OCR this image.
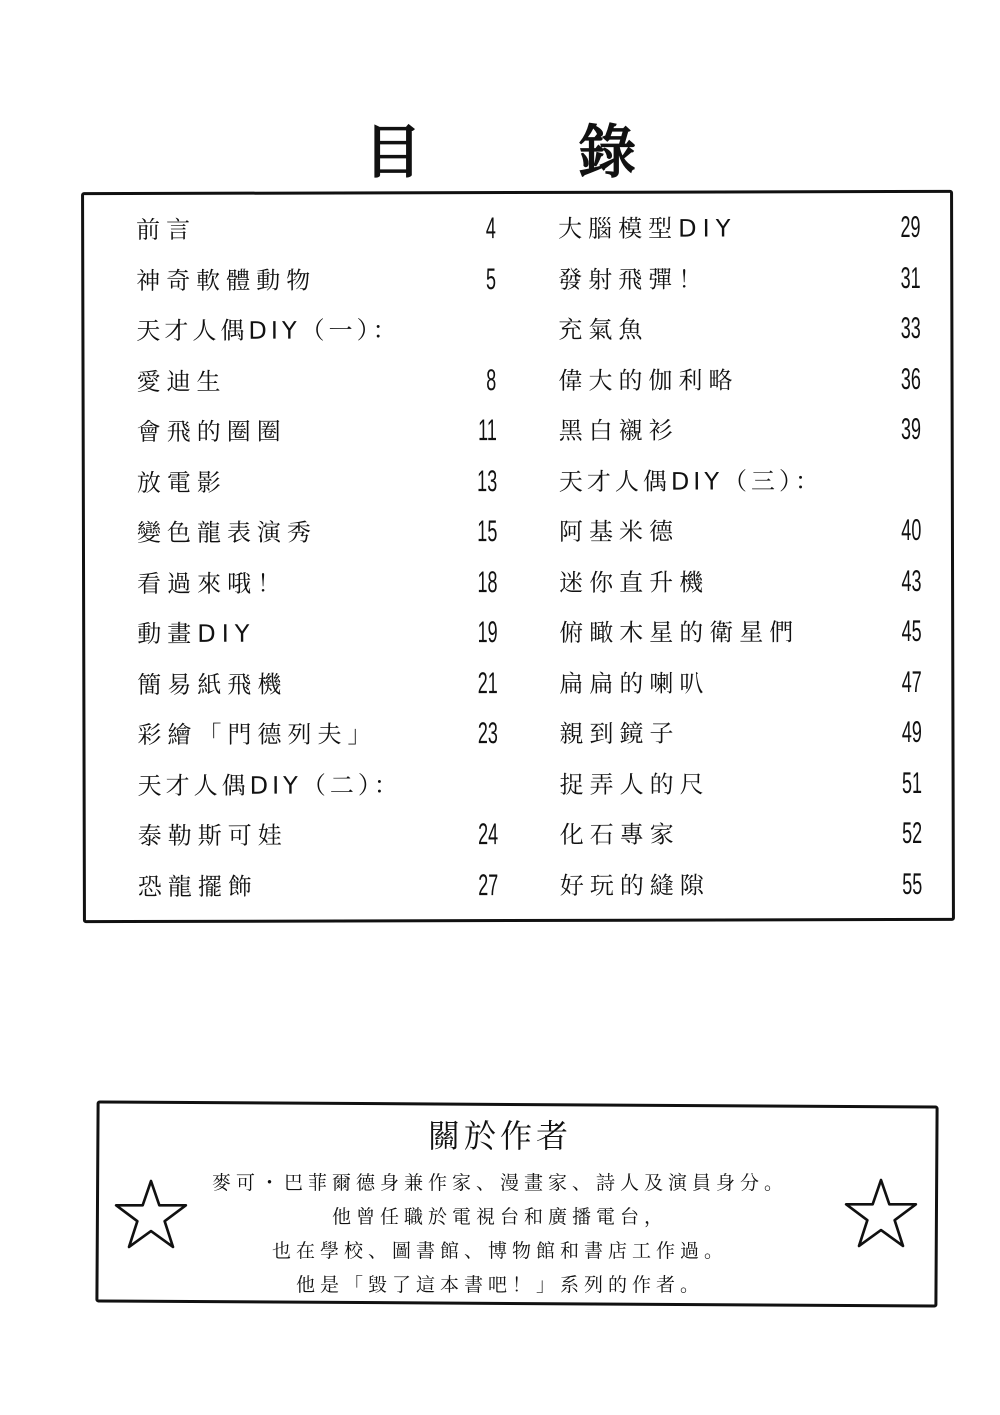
目 錄
前言	4
神奇軟體動物	5
天才人偶DIY（一）：
愛迪生	8
會飛的圈圈	11
放電影	13
變色龍表演秀	15
看過來哦！	18
動畫DIY	19
簡易紙飛機	21
彩繪「門德列夫」	23
天才人偶DIY（二）：
泰勒斯可娃	24
恐龍擺飾	27
大腦模型DIY	29
發射飛彈！	31
充氣魚	33
偉大的伽利略	36
黑白襯衫	39
天才人偶DIY（三）：
阿基米德	40
迷你直升機	43
俯瞰木星的衛星們	45
扁扁的喇叭	47
親到鏡子	49
捉弄人的尺	51
化石專家	52
好玩的縫隙	55
關於作者
麥可・巴菲爾德身兼作家、漫畫家、詩人及演員身分。
他曾任職於電視台和廣播電台，
也在學校、圖書館、博物館和書店工作過。
他是「毀了這本書吧！」系列的作者。
